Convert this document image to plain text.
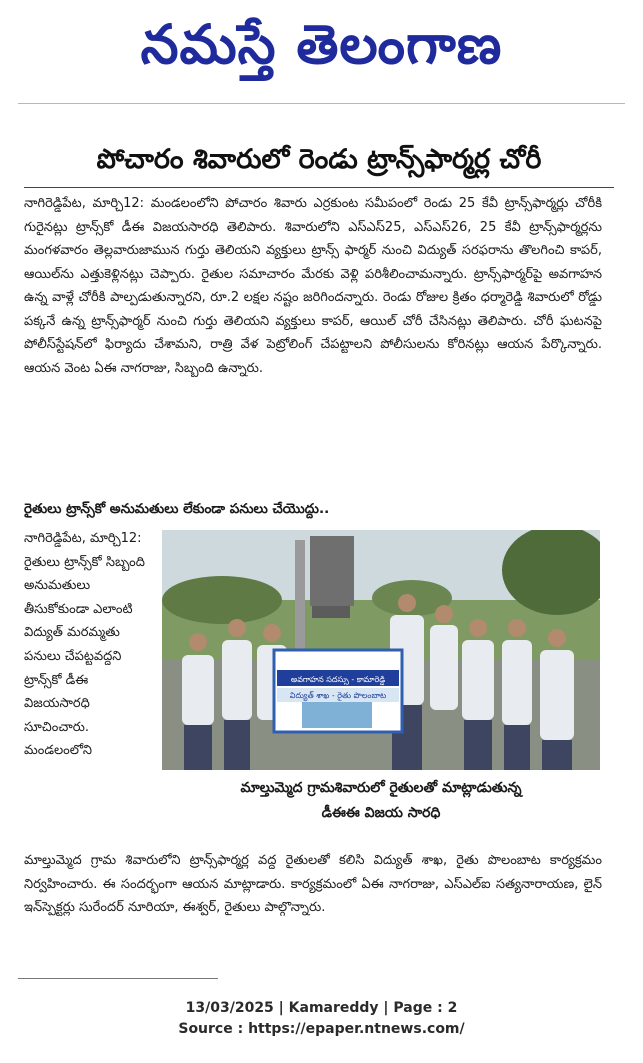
నమస్తే తెలంగాణ
పోచారం శివారులో రెండు ట్రాన్స్‌ఫార్మర్ల చోరీ

నాగిరెడ్డిపేట, మార్చి12: మండలంలోని పోచారం శివారు ఎర్రకుంట సమీపంలో రెండు 25 కేవీ ట్రాన్స్‌ఫార్మర్లు చోరీకి గురైనట్లు ట్రాన్స్‌కో డీఈ విజయసారధి తెలిపారు. శివారులోని ఎస్‌ఎస్25, ఎస్‌ఎస్26, 25 కేవీ ట్రాన్స్‌ఫార్మర్లను మంగళవారం తెల్లవారుజామున గుర్తు తెలియని వ్యక్తులు ట్రాన్స్ ఫార్మర్ నుంచి విద్యుత్ సరఫరాను తొలగించి కాపర్, ఆయిల్‌ను ఎత్తుకెళ్లినట్లు చెప్పారు. రైతుల సమాచారం మేరకు వెళ్లి పరిశీలించామన్నారు. ట్రాన్స్‌ఫార్మర్‌పై అవగాహన ఉన్న వాళ్లే చోరీకి పాల్పడుతున్నారని, రూ.2 లక్షల నష్టం జరిగిందన్నారు. రెండు రోజుల క్రితం ధర్మారెడ్డి శివారులో రోడ్డు పక్కనే ఉన్న ట్రాన్స్‌ఫార్మర్ నుంచి గుర్తు తెలియని వ్యక్తులు కాపర్, ఆయిల్ చోరీ చేసినట్లు తెలిపారు. చోరీ ఘటనపై పోలీస్‌స్టేషన్‌లో ఫిర్యాదు చేశామని, రాత్రి వేళ పెట్రోలింగ్ చేపట్టాలని పోలీసులను కోరినట్లు ఆయన పేర్కొన్నారు. ఆయన వెంట ఏఈ నాగరాజు, సిబ్బంది ఉన్నారు.

రైతులు ట్రాన్స్‌కో అనుమతులు లేకుండా పనులు చేయొద్దు..

నాగిరెడ్డిపేట, మార్చి12: రైతులు ట్రాన్స్‌కో సిబ్బంది అనుమతులు తీసుకోకుండా ఎలాంటి విద్యుత్ మరమ్మతు పనులు చేపట్టవద్దని ట్రాన్స్‌కో డీఈ విజయసారధి సూచించారు. మండలంలోని

అవగాహన సదస్సు - కామారెడ్డి
విద్యుత్ శాఖ - రైతు పొలంబాట
మాల్తుమ్మెద గ్రామశివారులో రైతులతో మాట్లాడుతున్న
డీఈఈ విజయ సారధి

మాల్తుమ్మెద గ్రామ శివారులోని ట్రాన్స్‌ఫార్మర్ల వద్ద రైతులతో కలిసి విద్యుత్ శాఖ, రైతు పొలంబాట కార్యక్రమం నిర్వహించారు. ఈ సందర్భంగా ఆయన మాట్లాడారు. కార్యక్రమంలో ఏఈ నాగరాజు, ఎస్‌ఎల్‌ఐ సత్యనారాయణ, లైన్ ఇన్‌స్పెక్టర్లు సురేందర్ నూరియా, ఈశ్వర్, రైతులు పాల్గొన్నారు.

13/03/2025 | Kamareddy | Page : 2
Source : https://epaper.ntnews.com/
